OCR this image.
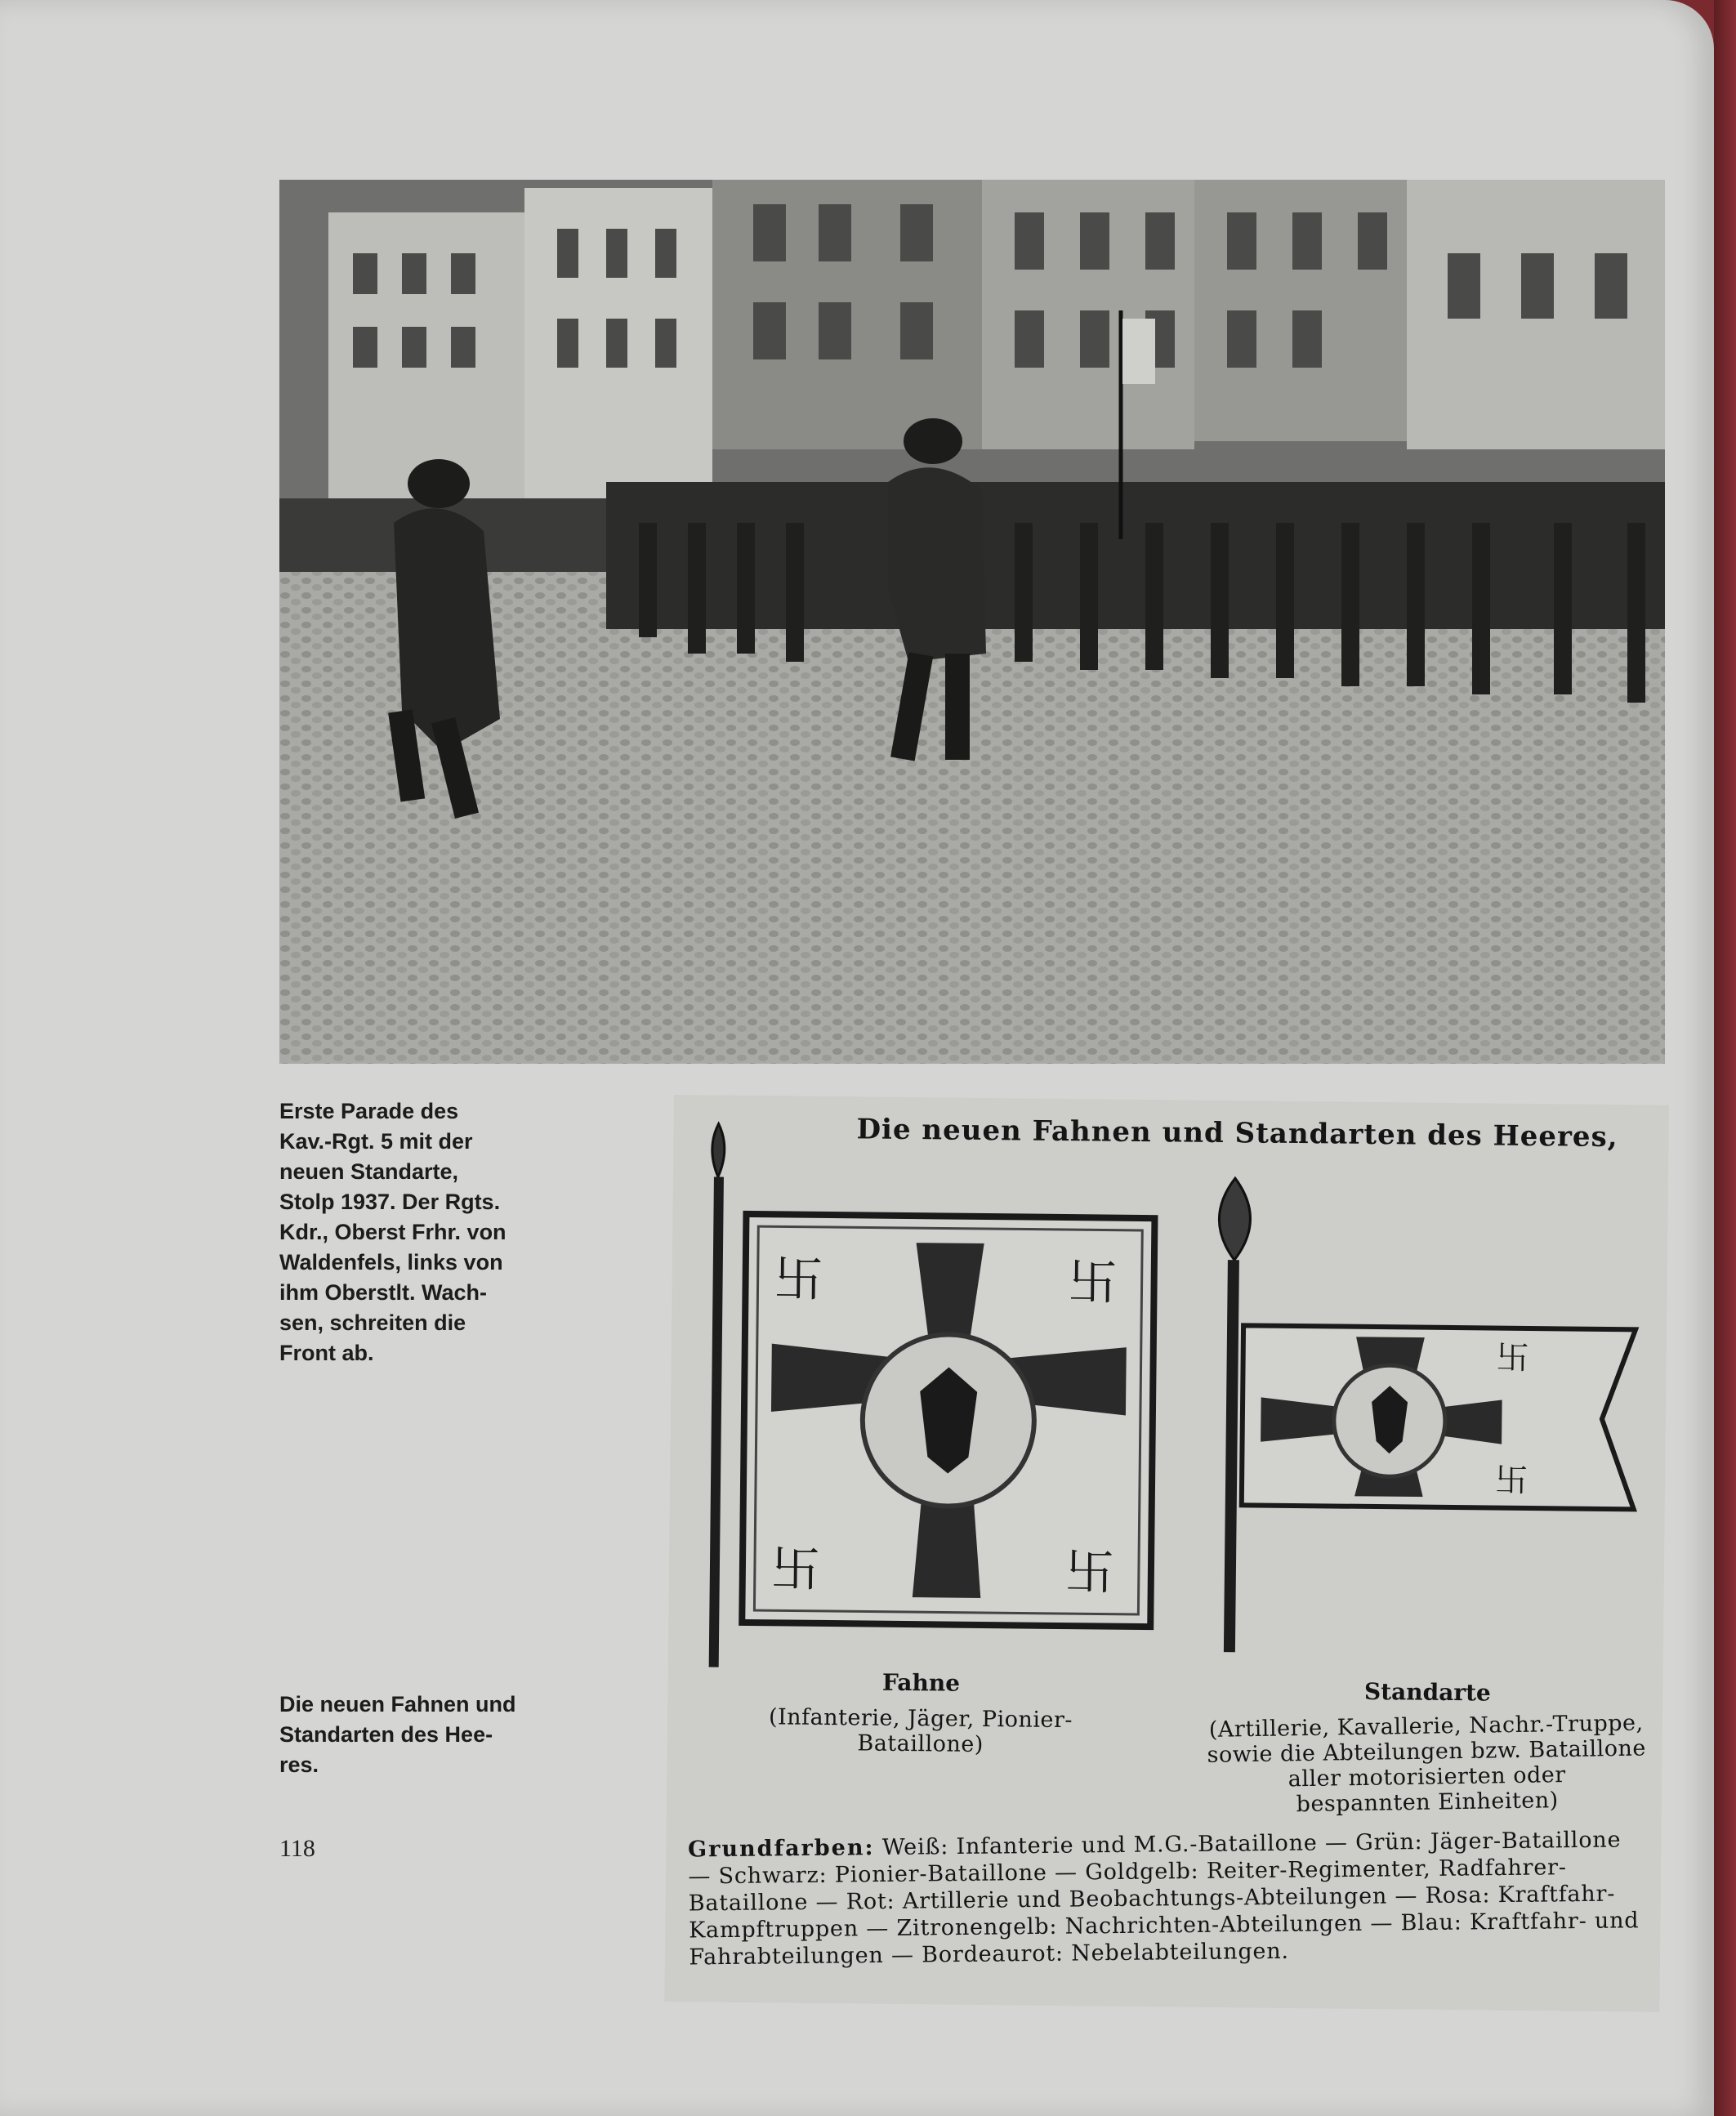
Erste Parade des
Kav.-Rgt. 5 mit der
neuen Standarte,
Stolp 1937. Der Rgts.
Kdr., Oberst Frhr. von
Waldenfels, links von
ihm Oberstlt. Wach-
sen, schreiten die
Front ab.
Die neuen Fahnen und Standarten des Heeres,
卐	卐
卐	卐
卐
卐
Fahne
(Infanterie, Jäger, Pionier-
Bataillone)
Standarte
(Artillerie, Kavallerie, Nachr.-Truppe,
sowie die Abteilungen bzw. Bataillone
aller motorisierten oder
bespannten Einheiten)
Grundfarben: Weiß: Infanterie und M.G.-Bataillone — Grün: Jäger-Bataillone — Schwarz: Pionier-Bataillone — Goldgelb: Reiter-Regimenter, Radfahrer-Bataillone — Rot: Artillerie und Beobachtungs-Abteilungen — Rosa: Kraftfahr-Kampftruppen — Zitronengelb: Nachrichten-Abteilungen — Blau: Kraftfahr- und Fahrabteilungen — Bordeaurot: Nebelabteilungen.
Die neuen Fahnen und
Standarten des Hee-
res.
118
